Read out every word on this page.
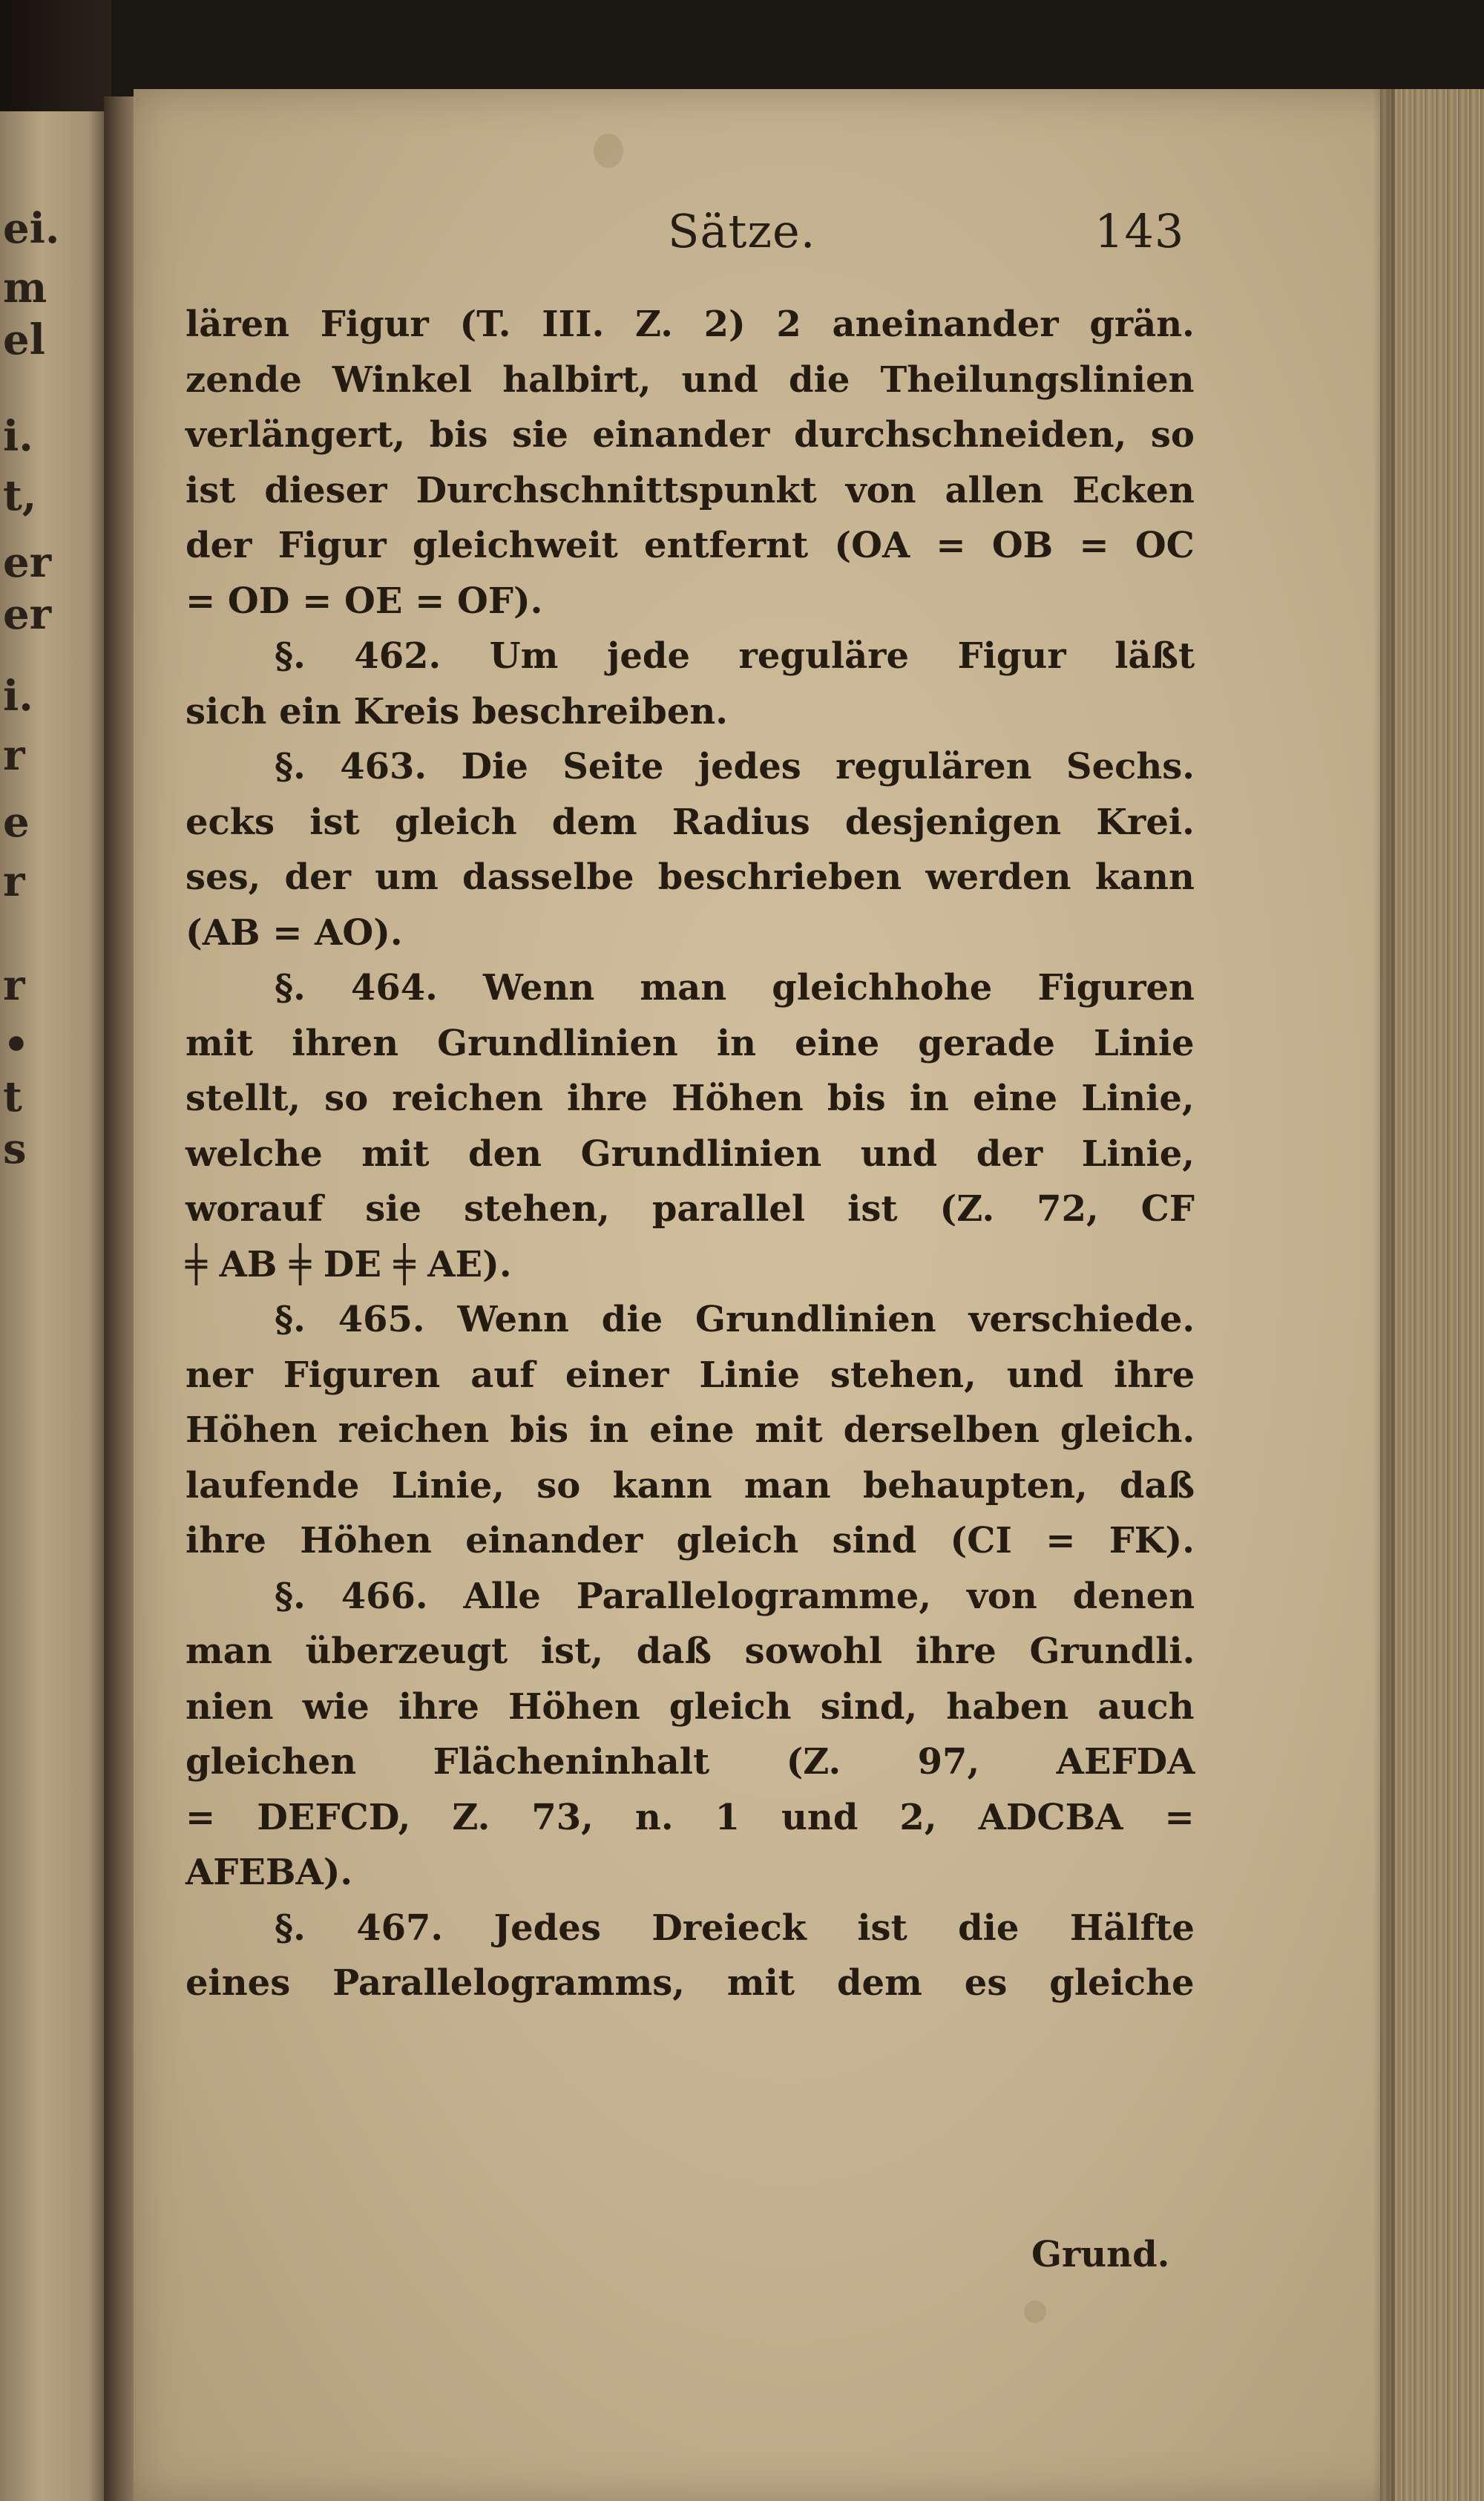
ei.
m
el
i.
t,
er
er
i.
r
e
r
r
•
t
s
Sätze.	143
lären Figur (T. III. Z. 2) 2 aneinander grän.
zende Winkel halbirt, und die Theilungslinien
verlängert, bis sie einander durchschneiden, so
ist dieser Durchschnittspunkt von allen Ecken
der Figur gleichweit entfernt (OA = OB = OC
= OD = OE = OF).
§. 462. Um jede reguläre Figur läßt
sich ein Kreis beschreiben.
§. 463. Die Seite jedes regulären Sechs.
ecks ist gleich dem Radius desjenigen Krei.
ses, der um dasselbe beschrieben werden kann
(AB = AO).
§. 464. Wenn man gleichhohe Figuren
mit ihren Grundlinien in eine gerade Linie
stellt, so reichen ihre Höhen bis in eine Linie,
welche mit den Grundlinien und der Linie,
worauf sie stehen, parallel ist (Z. 72, CF
╪ AB ╪ DE ╪ AE).
§. 465. Wenn die Grundlinien verschiede.
ner Figuren auf einer Linie stehen, und ihre
Höhen reichen bis in eine mit derselben gleich.
laufende Linie, so kann man behaupten, daß
ihre Höhen einander gleich sind (CI = FK).
§. 466. Alle Parallelogramme, von denen
man überzeugt ist, daß sowohl ihre Grundli.
nien wie ihre Höhen gleich sind, haben auch
gleichen Flächeninhalt (Z. 97, AEFDA
= DEFCD, Z. 73, n. 1 und 2, ADCBA =
AFEBA).
§. 467. Jedes Dreieck ist die Hälfte
eines Parallelogramms, mit dem es gleiche
Grund.
